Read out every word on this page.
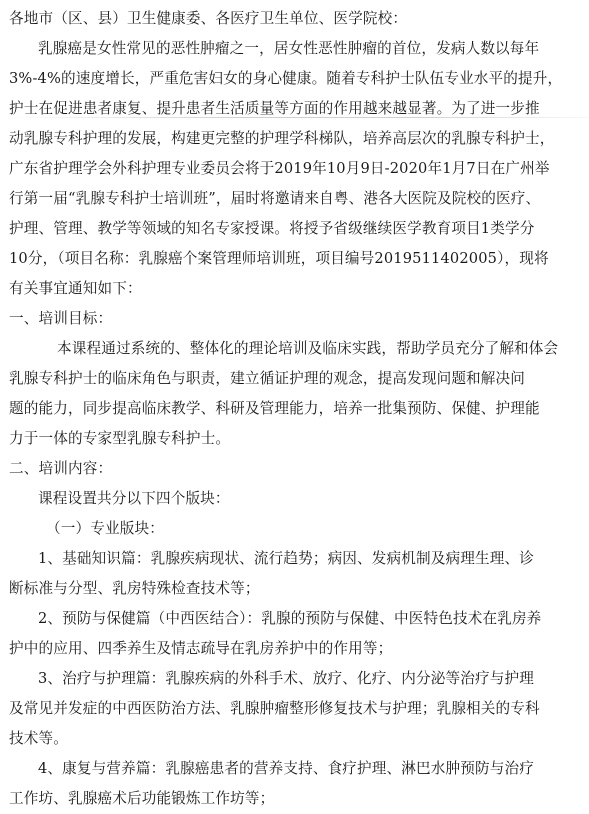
各地市（区、县）卫生健康委、各医疗卫生单位、医学院校：
乳腺癌是女性常见的恶性肿瘤之一，居女性恶性肿瘤的首位，发病人数以每年
3%-4%的速度增长，严重危害妇女的身心健康。随着专科护士队伍专业水平的提升，
护士在促进患者康复、提升患者生活质量等方面的作用越来越显著。为了进一步推
动乳腺专科护理的发展，构建更完整的护理学科梯队，培养高层次的乳腺专科护士，
广东省护理学会外科护理专业委员会将于2019年10月9日-2020年1月7日在广州举
行第一届“乳腺专科护士培训班”，届时将邀请来自粤、港各大医院及院校的医疗、
护理、管理、教学等领域的知名专家授课。将授予省级继续医学教育项目1类学分
10分，（项目名称：乳腺癌个案管理师培训班，项目编号2019511402005），现将
有关事宜通知如下：
一、培训目标：
本课程通过系统的、整体化的理论培训及临床实践，帮助学员充分了解和体会
乳腺专科护士的临床角色与职责，建立循证护理的观念，提高发现问题和解决问
题的能力，同步提高临床教学、科研及管理能力，培养一批集预防、保健、护理能
力于一体的专家型乳腺专科护士。
二、培训内容：
课程设置共分以下四个版块：
（一）专业版块：
1、基础知识篇：乳腺疾病现状、流行趋势；病因、发病机制及病理生理、诊
断标准与分型、乳房特殊检查技术等；
2、预防与保健篇（中西医结合）：乳腺的预防与保健、中医特色技术在乳房养
护中的应用、四季养生及情志疏导在乳房养护中的作用等；
3、治疗与护理篇：乳腺疾病的外科手术、放疗、化疗、内分泌等治疗与护理
及常见并发症的中西医防治方法、乳腺肿瘤整形修复技术与护理；乳腺相关的专科
技术等。
4、康复与营养篇：乳腺癌患者的营养支持、食疗护理、淋巴水肿预防与治疗
工作坊、乳腺癌术后功能锻炼工作坊等；
